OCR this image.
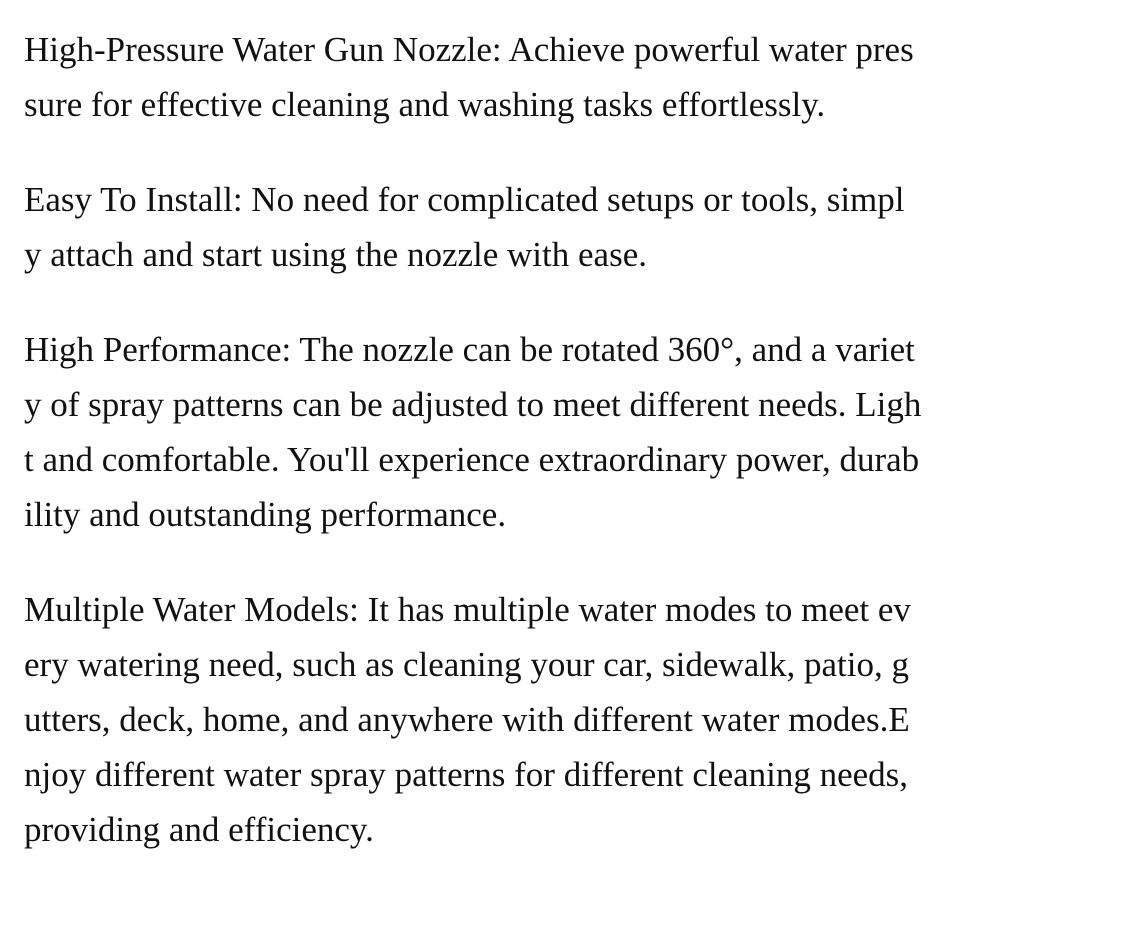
High-Pressure Water Gun Nozzle: Achieve powerful water pres
sure for effective cleaning and washing tasks effortlessly.

Easy To Install: No need for complicated setups or tools, simpl
y attach and start using the nozzle with ease.

High Performance: The nozzle can be rotated 360°, and a variet
y of spray patterns can be adjusted to meet different needs. Ligh
t and comfortable. You'll experience extraordinary power, durab
ility and outstanding performance.

Multiple Water Models: It has multiple water modes to meet ev
ery watering need, such as cleaning your car, sidewalk, patio, g
utters, deck, home, and anywhere with different water modes.E
njoy different water spray patterns for different cleaning needs,
providing and efficiency.
